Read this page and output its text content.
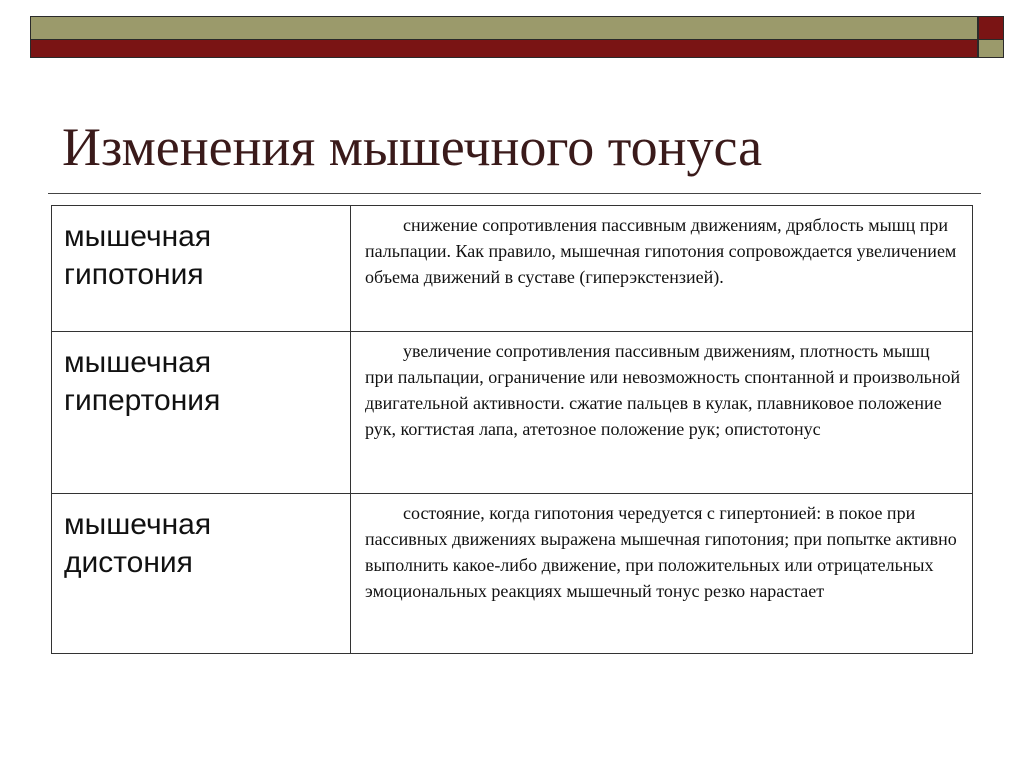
Изменения мышечного тонуса
мышечная гипотония	снижение сопротивления пассивным движениям, дряблость мышц при пальпации. Как правило, мышечная гипотония сопровождается увеличением объема движений в суставе (гиперэкстензией).
мышечная гипертония	увеличение сопротивления пассивным движениям, плотность мышц при пальпации, ограничение или невозможность спонтанной и произвольной двигательной активности. сжатие пальцев в кулак, плавниковое положение рук, когтистая лапа, атетозное положение рук; опистотонус
мышечная дистония	состояние, когда гипотония чередуется с гипертонией: в покое при пассивных движениях выражена мышечная гипотония; при попытке активно выполнить какое-либо движение, при положительных или отрицательных эмоциональных реакциях мышечный тонус резко нарастает
